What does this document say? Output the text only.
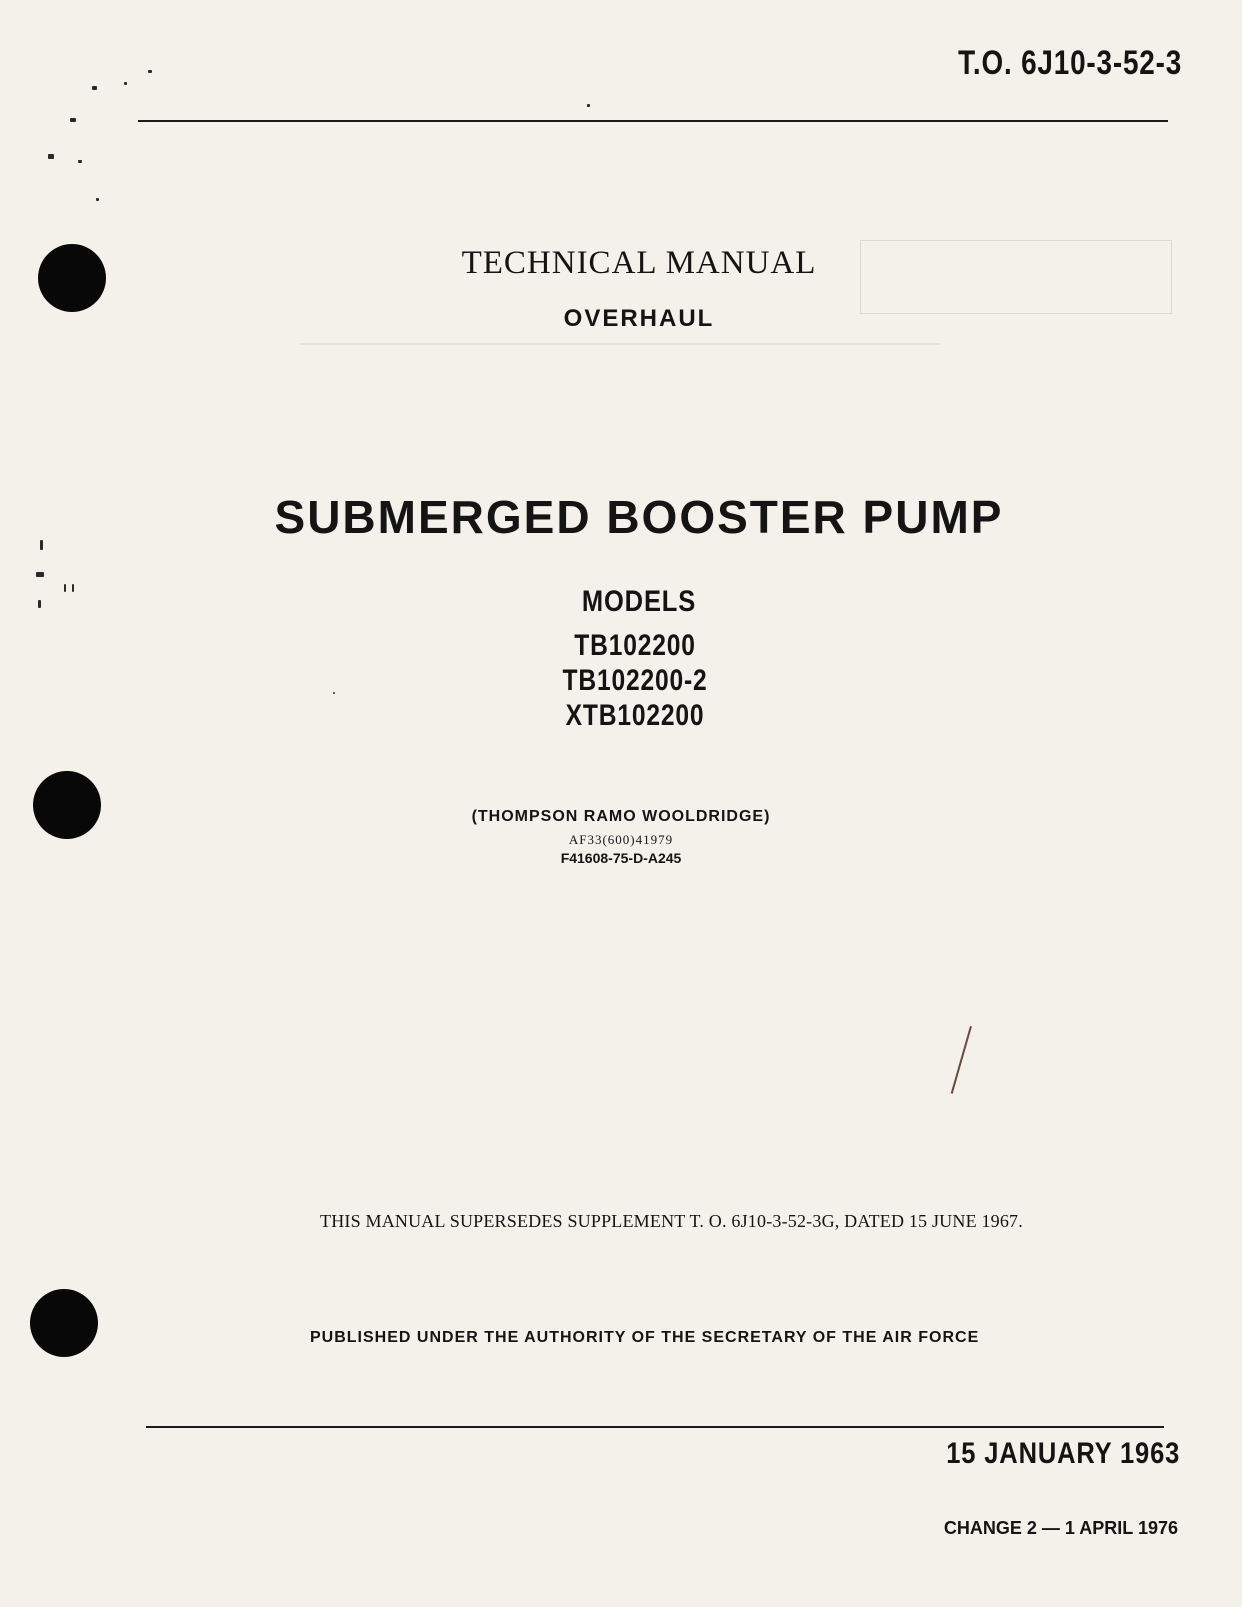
T.O. 6J10-3-52-3
TECHNICAL MANUAL
OVERHAUL
SUBMERGED BOOSTER PUMP
MODELS
TB102200
TB102200-2
XTB102200
(THOMPSON RAMO WOOLDRIDGE)
AF33(600)41979
F41608-75-D-A245
THIS MANUAL SUPERSEDES SUPPLEMENT T. O. 6J10-3-52-3G, DATED 15 JUNE 1967.
PUBLISHED UNDER THE AUTHORITY OF THE SECRETARY OF THE AIR FORCE
15 JANUARY 1963
CHANGE 2 — 1 APRIL 1976
